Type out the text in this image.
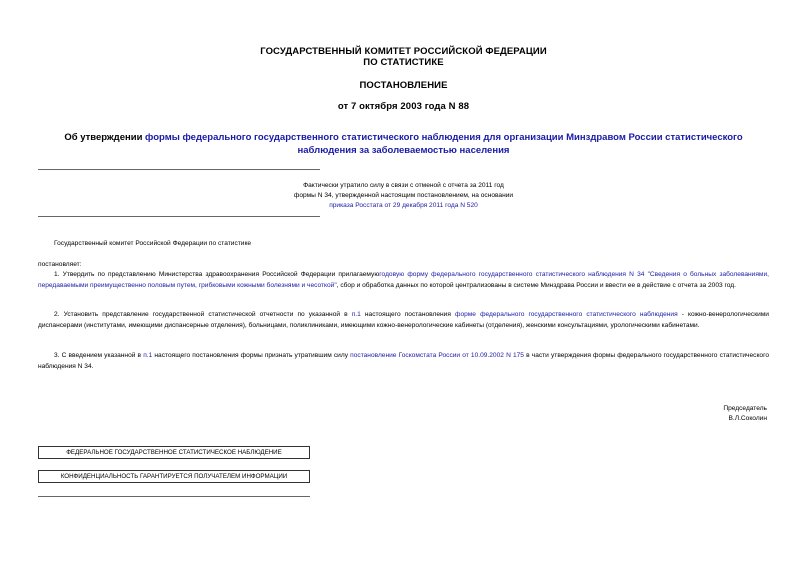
ГОСУДАРСТВЕННЫЙ КОМИТЕТ РОССИЙСКОЙ ФЕДЕРАЦИИ
ПО СТАТИСТИКЕ
ПОСТАНОВЛЕНИЕ
от 7 октября 2003 года N 88
Об утверждении формы федерального государственного статистического наблюдения для организации Минздравом России статистического наблюдения за заболеваемостью населения
Фактически утратило силу в связи с отменой с отчета за 2011 год
формы N 34, утвержденной настоящим постановлением, на основании
приказа Росстата от 29 декабря 2011 года N 520
Государственный комитет Российской Федерации по статистике
постановляет:
1. Утвердить по представлению Министерства здравоохранения Российской Федерации прилагаемуюгодовую форму федерального государственного статистического наблюдения N 34 "Сведения о больных заболеваниями, передаваемыми преимущественно половым путем, грибковыми кожными болезнями и чесоткой", сбор и обработка данных по которой централизованы в системе Минздрава России и ввести ее в действие с отчета за 2003 год.
2. Установить представление государственной статистической отчетности по указанной в п.1 настоящего постановления форме федерального государственного статистического наблюдения - кожно-венерологическими диспансерами (институтами, имеющими диспансерные отделения), больницами, поликлиниками, имеющими кожно-венерологические кабинеты (отделения), женскими консультациями, урологическими кабинетами.
3. С введением указанной в п.1 настоящего постановления формы признать утратившим силу постановление Госкомстата России от 10.09.2002 N 175 в части утверждения формы федерального государственного статистического наблюдения N 34.
Председатель
В.Л.Соколин
ФЕДЕРАЛЬНОЕ ГОСУДАРСТВЕННОЕ СТАТИСТИЧЕСКОЕ НАБЛЮДЕНИЕ
КОНФИДЕНЦИАЛЬНОСТЬ ГАРАНТИРУЕТСЯ ПОЛУЧАТЕЛЕМ ИНФОРМАЦИИ
